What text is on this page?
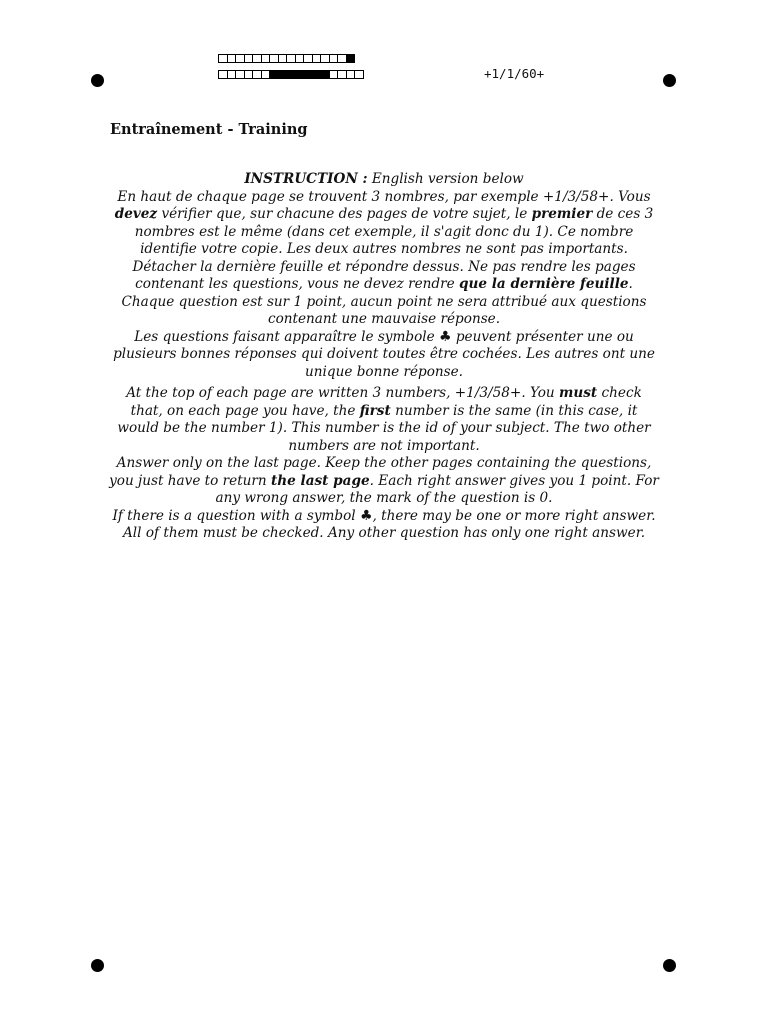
+1/1/60+
Entraînement - Training

INSTRUCTION : English version below

En haut de chaque page se trouvent 3 nombres, par exemple +1/3/58+. Vous devez vérifier que, sur chacune des pages de votre sujet, le premier de ces 3 nombres est le même (dans cet exemple, il s'agit donc du 1). Ce nombre identifie votre copie. Les deux autres nombres ne sont pas importants.

Détacher la dernière feuille et répondre dessus. Ne pas rendre les pages contenant les questions, vous ne devez rendre que la dernière feuille. Chaque question est sur 1 point, aucun point ne sera attribué aux questions contenant une mauvaise réponse.

Les questions faisant apparaître le symbole ♣ peuvent présenter une ou plusieurs bonnes réponses qui doivent toutes être cochées. Les autres ont une unique bonne réponse.

At the top of each page are written 3 numbers, +1/3/58+. You must check that, on each page you have, the first number is the same (in this case, it would be the number 1). This number is the id of your subject. The two other numbers are not important.

Answer only on the last page. Keep the other pages containing the questions, you just have to return the last page. Each right answer gives you 1 point. For any wrong answer, the mark of the question is 0.

If there is a question with a symbol ♣, there may be one or more right answer. All of them must be checked. Any other question has only one right answer.
